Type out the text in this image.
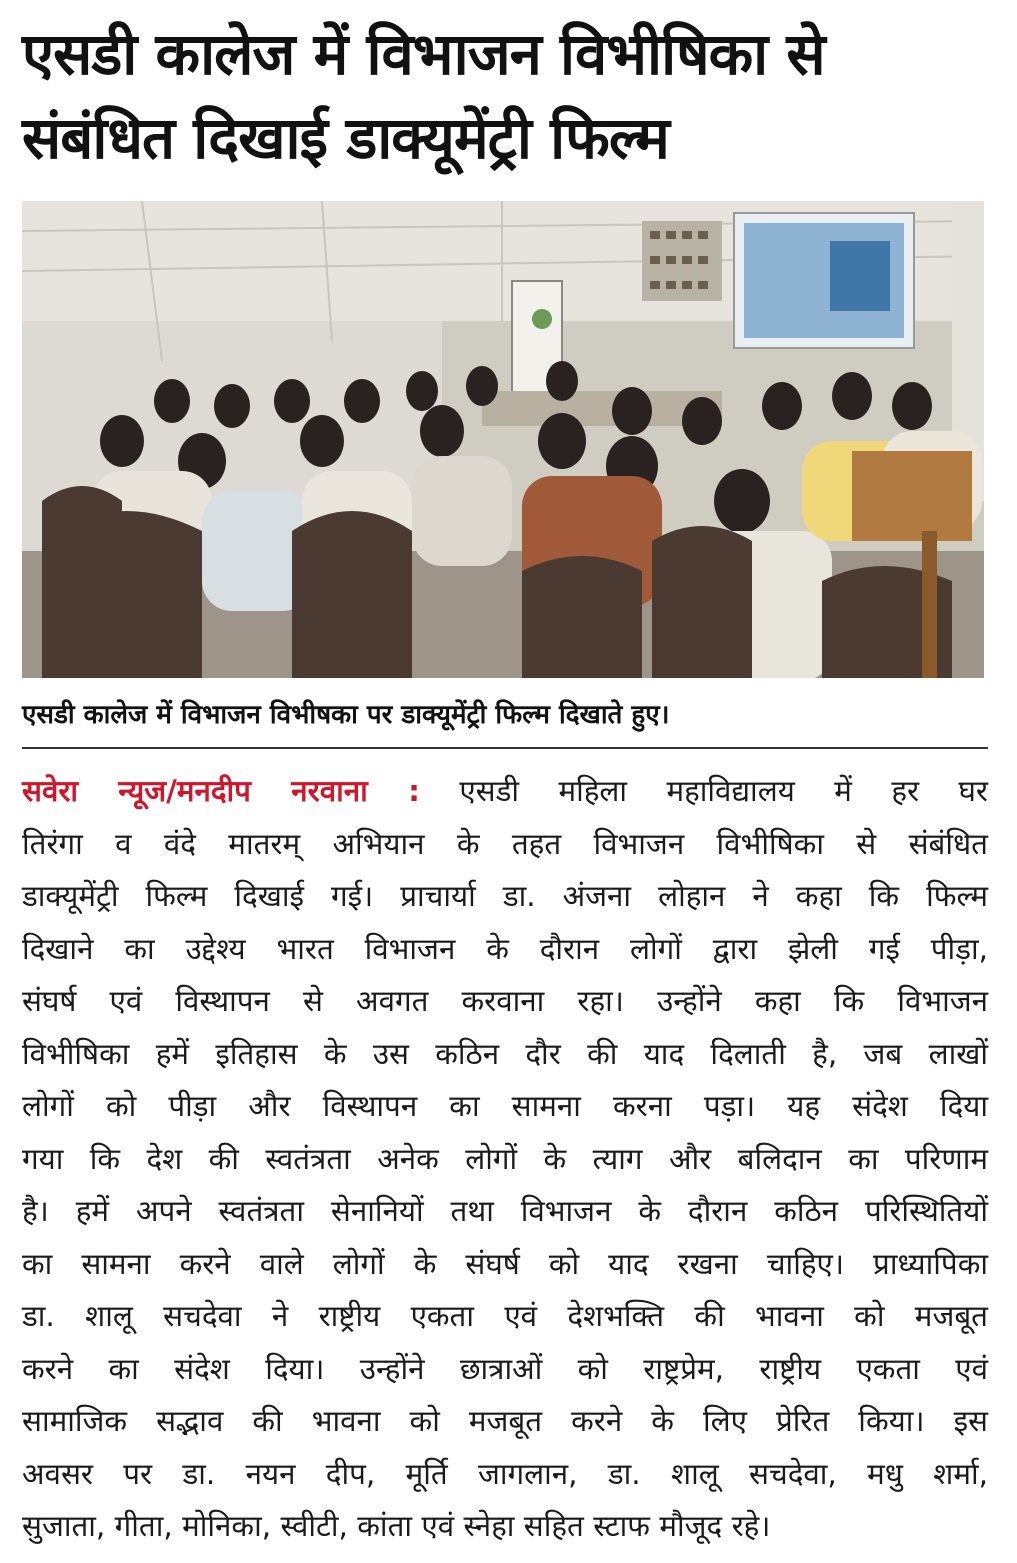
एसडी कालेज में विभाजन विभीषिका से
संबंधित दिखाई डाक्यूमेंट्री फिल्म
एसडी कालेज में विभाजन विभीषका पर डाक्यूमेंट्री फिल्म दिखाते हुए।
सवेरा न्यूज/मनदीप नरवाना : एसडी महिला महाविद्यालय में हर घर
तिरंगा व वंदे मातरम् अभियान के तहत विभाजन विभीषिका से संबंधित
डाक्यूमेंट्री फिल्म दिखाई गई। प्राचार्या डा. अंजना लोहान ने कहा कि फिल्म
दिखाने का उद्देश्य भारत विभाजन के दौरान लोगों द्वारा झेली गई पीड़ा,
संघर्ष एवं विस्थापन से अवगत करवाना रहा। उन्होंने कहा कि विभाजन
विभीषिका हमें इतिहास के उस कठिन दौर की याद दिलाती है, जब लाखों
लोगों को पीड़ा और विस्थापन का सामना करना पड़ा। यह संदेश दिया
गया कि देश की स्वतंत्रता अनेक लोगों के त्याग और बलिदान का परिणाम
है। हमें अपने स्वतंत्रता सेनानियों तथा विभाजन के दौरान कठिन परिस्थितियों
का सामना करने वाले लोगों के संघर्ष को याद रखना चाहिए। प्राध्यापिका
डा. शालू सचदेवा ने राष्ट्रीय एकता एवं देशभक्ति की भावना को मजबूत
करने का संदेश दिया। उन्होंने छात्राओं को राष्ट्रप्रेम, राष्ट्रीय एकता एवं
सामाजिक सद्भाव की भावना को मजबूत करने के लिए प्रेरित किया। इस
अवसर पर डा. नयन दीप, मूर्ति जागलान, डा. शालू सचदेवा, मधु शर्मा,
सुजाता, गीता, मोनिका, स्वीटी, कांता एवं स्नेहा सहित स्टाफ मौजूद रहे।
